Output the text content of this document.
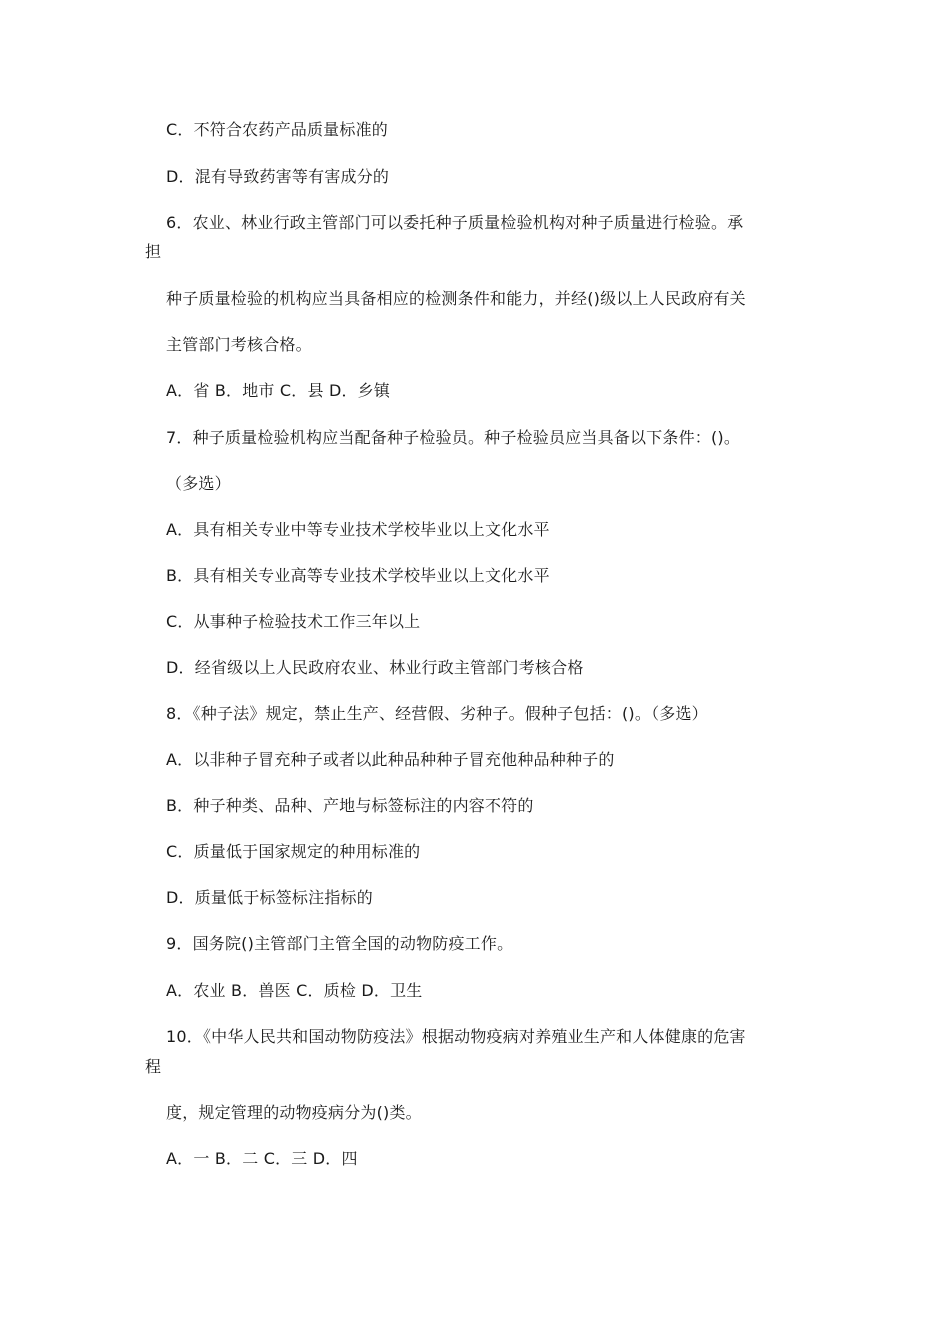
C．不符合农药产品质量标准的
D．混有导致药害等有害成分的
6．农业、林业行政主管部门可以委托种子质量检验机构对种子质量进行检验。承
担
种子质量检验的机构应当具备相应的检测条件和能力，并经()级以上人民政府有关
主管部门考核合格。
A．省 B．地市 C．县 D．乡镇
7．种子质量检验机构应当配备种子检验员。种子检验员应当具备以下条件：()。
（多选）
A．具有相关专业中等专业技术学校毕业以上文化水平
B．具有相关专业高等专业技术学校毕业以上文化水平
C．从事种子检验技术工作三年以上
D．经省级以上人民政府农业、林业行政主管部门考核合格
8．《种子法》规定，禁止生产、经营假、劣种子。假种子包括：()。（多选）
A．以非种子冒充种子或者以此种品种种子冒充他种品种种子的
B．种子种类、品种、产地与标签标注的内容不符的
C．质量低于国家规定的种用标准的
D．质量低于标签标注指标的
9．国务院()主管部门主管全国的动物防疫工作。
A．农业 B．兽医 C．质检 D．卫生
10．《中华人民共和国动物防疫法》根据动物疫病对养殖业生产和人体健康的危害
程
度，规定管理的动物疫病分为()类。
A．一 B．二 C．三 D．四
